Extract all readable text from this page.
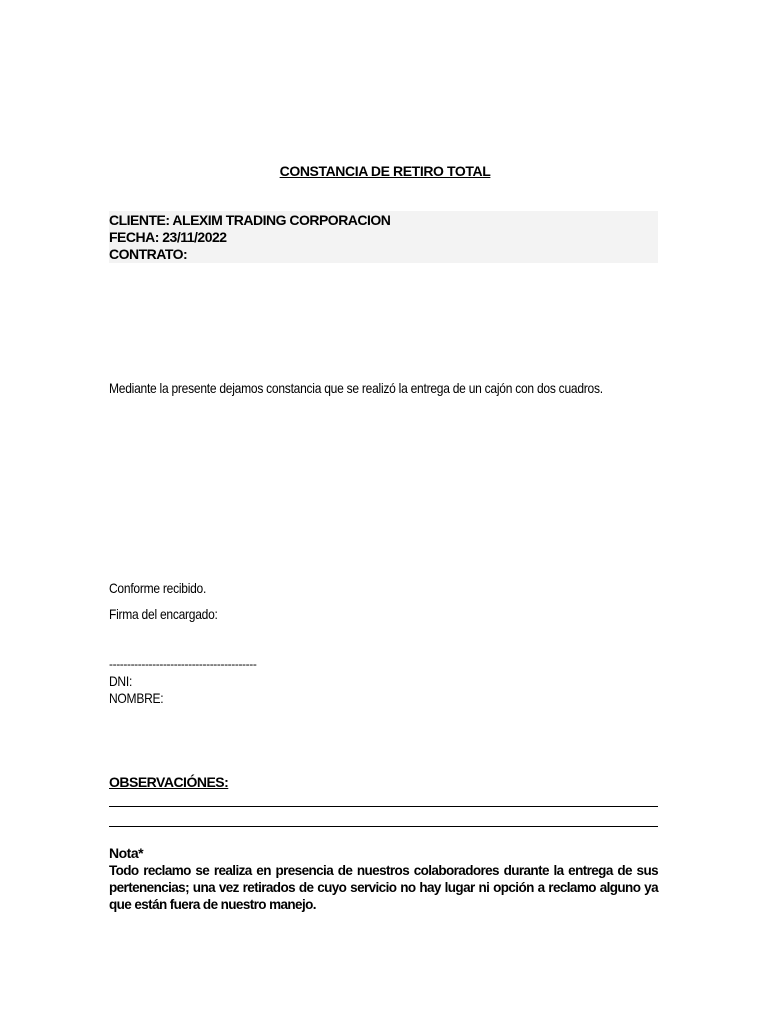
CONSTANCIA DE RETIRO TOTAL
CLIENTE: ALEXIM TRADING CORPORACION
FECHA: 23/11/2022
CONTRATO:
Mediante la presente dejamos constancia que se realizó la entrega de un cajón con dos cuadros.
Conforme recibido.
Firma del encargado:
-----------------------------------------
DNI:
NOMBRE:
OBSERVACIÓNES:
Nota*
Todo reclamo se realiza en presencia de nuestros colaboradores durante la entrega de sus pertenencias; una vez retirados de cuyo servicio no hay lugar ni opción a reclamo alguno ya que están fuera de nuestro manejo.
